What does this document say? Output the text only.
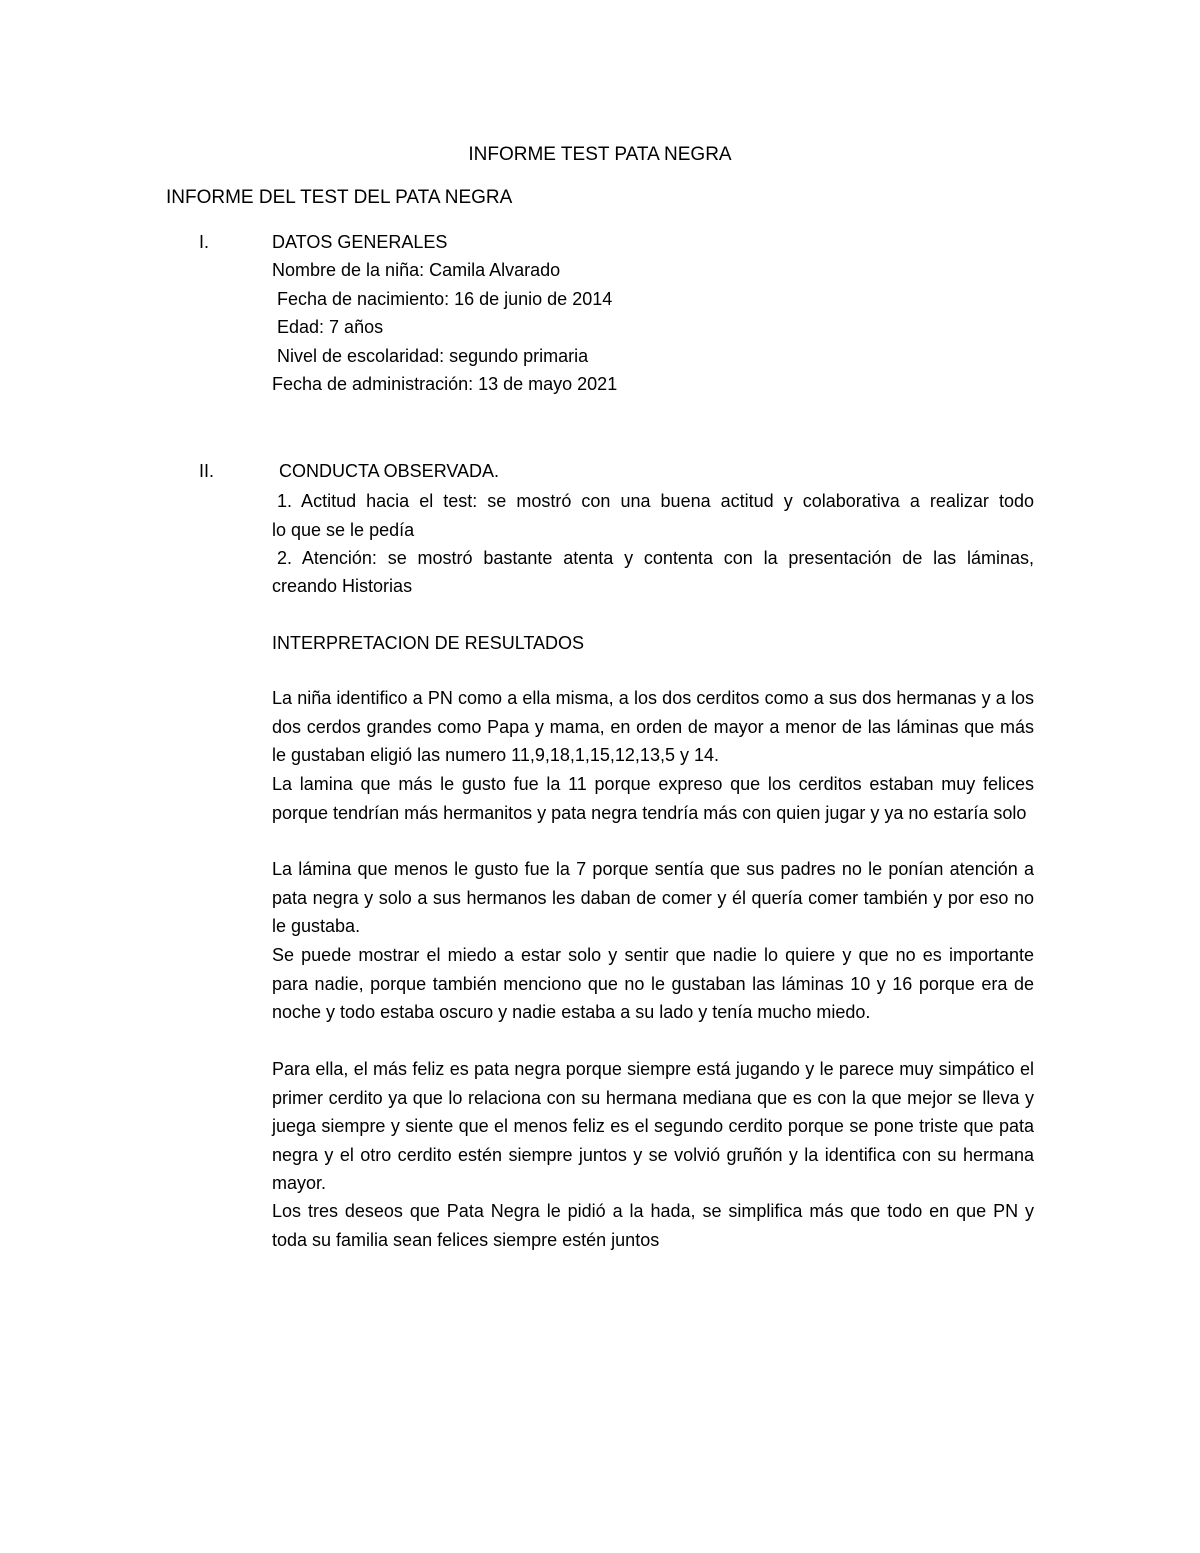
INFORME TEST PATA NEGRA
INFORME DEL TEST DEL PATA NEGRA
I.	DATOS GENERALES
Nombre de la niña: Camila Alvarado
Fecha de nacimiento: 16 de junio de 2014
Edad: 7 años
Nivel de escolaridad: segundo primaria
Fecha de administración: 13 de mayo 2021
II.	CONDUCTA OBSERVADA.
1. Actitud hacia el test: se mostró con una buena actitud y colaborativa a realizar todo
lo que se le pedía
2. Atención: se mostró bastante atenta y contenta con la presentación de las láminas,
creando Historias
INTERPRETACION DE RESULTADOS
La niña identifico a PN como a ella misma, a los dos cerditos como a sus dos hermanas y a los dos cerdos grandes como Papa y mama, en orden de mayor a menor de las láminas que más le gustaban eligió las numero 11,9,18,1,15,12,13,5 y 14.
La lamina que más le gusto fue la 11 porque expreso que los cerditos estaban muy felices porque tendrían más hermanitos y pata negra tendría más con quien jugar y ya no estaría solo
La lámina que menos le gusto fue la 7 porque sentía que sus padres no le ponían atención a pata negra y solo a sus hermanos les daban de comer y él quería comer también y por eso no le gustaba.
Se puede mostrar el miedo a estar solo y sentir que nadie lo quiere y que no es importante para nadie, porque también menciono que no le gustaban las láminas 10 y 16 porque era de noche y todo estaba oscuro y nadie estaba a su lado y tenía mucho miedo.
Para ella, el más feliz es pata negra porque siempre está jugando y le parece muy simpático el primer cerdito ya que lo relaciona con su hermana mediana que es con la que mejor se lleva y juega siempre y siente que el menos feliz es el segundo cerdito porque se pone triste que pata negra y el otro cerdito estén siempre juntos y se volvió gruñón y la identifica con su hermana mayor.
Los tres deseos que Pata Negra le pidió a la hada, se simplifica más que todo en que PN y toda su familia sean felices siempre estén juntos
